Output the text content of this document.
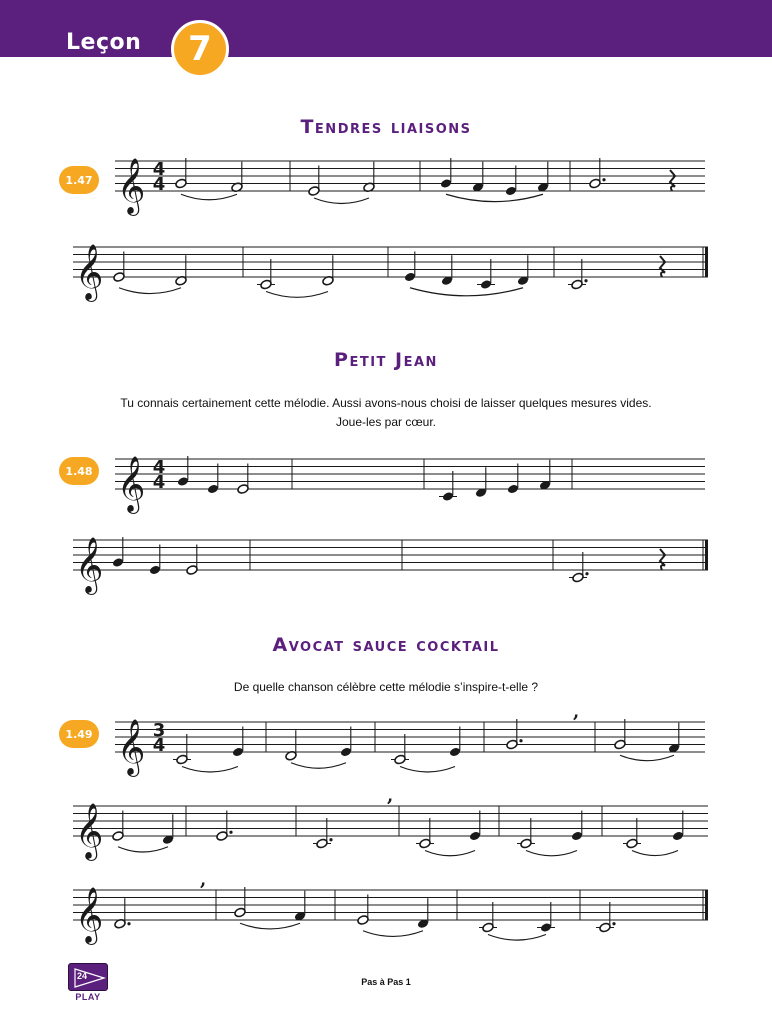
Leçon 7
Tendres liaisons
1.47
Petit Jean
Tu connais certainement cette mélodie. Aussi avons-nous choisi de laisser quelques mesures vides.
Joue-les par cœur.
1.48
Avocat sauce cocktail
De quelle chanson célèbre cette mélodie s’inspire-t-elle ?
1.49
𝄞 4
4
𝄞
𝄞 4
4
𝄞
𝄞 3
4
,
𝄞
,
𝄞
,
24
PLAY
Pas à Pas 1
